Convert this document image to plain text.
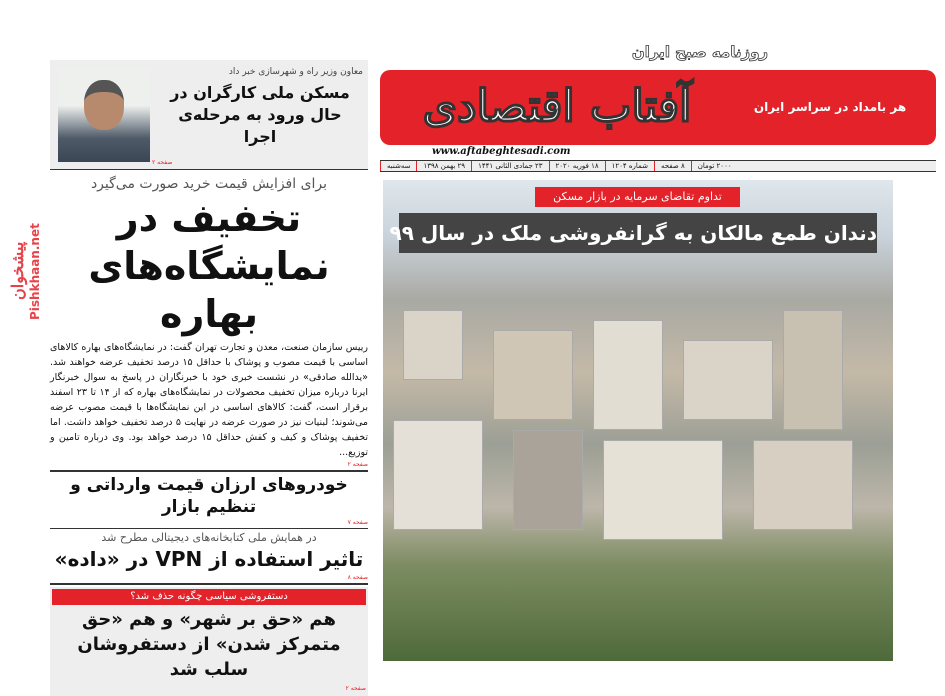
آفتاب اقتصادی
روزنامه صبح ایران
هر بامداد در سراسر ایران
www.aftabeghtesadi.com
سه‌شنبه	۲۹ بهمن ۱۳۹۸	۲۳ جمادی الثانی ۱۴۴۱	۱۸ فوریه ۲۰۲۰	شماره ۱۲۰۴	۸ صفحه	۲۰۰۰ تومان
تداوم تقاضای سرمایه در بازار مسکن
دندان طمع مالکان به گرانفروشی ملک در سال ۹۹
معاون وزیر راه و شهرسازی خبر داد
مسکن ملی کارگران در حال ورود به مرحله‌ی اجرا
صفحه ۲
پیشخوان Pishkhaan.net
برای افزایش قیمت خرید صورت می‌گیرد
تخفیف در نمایشگاه‌های بهاره
رییس سازمان صنعت، معدن و تجارت تهران گفت: در نمایشگاه‌های بهاره کالاهای اساسی با قیمت مصوب و پوشاک با حداقل ۱۵ درصد تخفیف عرضه خواهند شد. «یدالله صادقی» در نشست خبری خود با خبرنگاران در پاسخ به سوال خبرنگار ایرنا درباره میزان تخفیف محصولات در نمایشگاه‌های بهاره که از ۱۴ تا ۲۳ اسفند برقرار است، گفت: کالاهای اساسی در این نمایشگاه‌ها با قیمت مصوب عرضه می‌شوند؛ لبنیات نیز در صورت عرضه در نهایت ۵ درصد تخفیف خواهد داشت. اما تخفیف پوشاک و کیف و کفش حداقل ۱۵ درصد خواهد بود. وی درباره تامین و توزیع...
صفحه ۲
خودروهای ارزان قیمت وارداتی و تنظیم بازار
صفحه ۷
در همایش ملی کتابخانه‌های دیجیتالی مطرح شد
تاثیر استفاده از VPN در «داده»
صفحه ۸
دستفروشی سیاسی چگونه حذف شد؟
هم «حق بر شهر» و هم «حق متمرکز شدن» از دستفروشان سلب شد
صفحه ۲
